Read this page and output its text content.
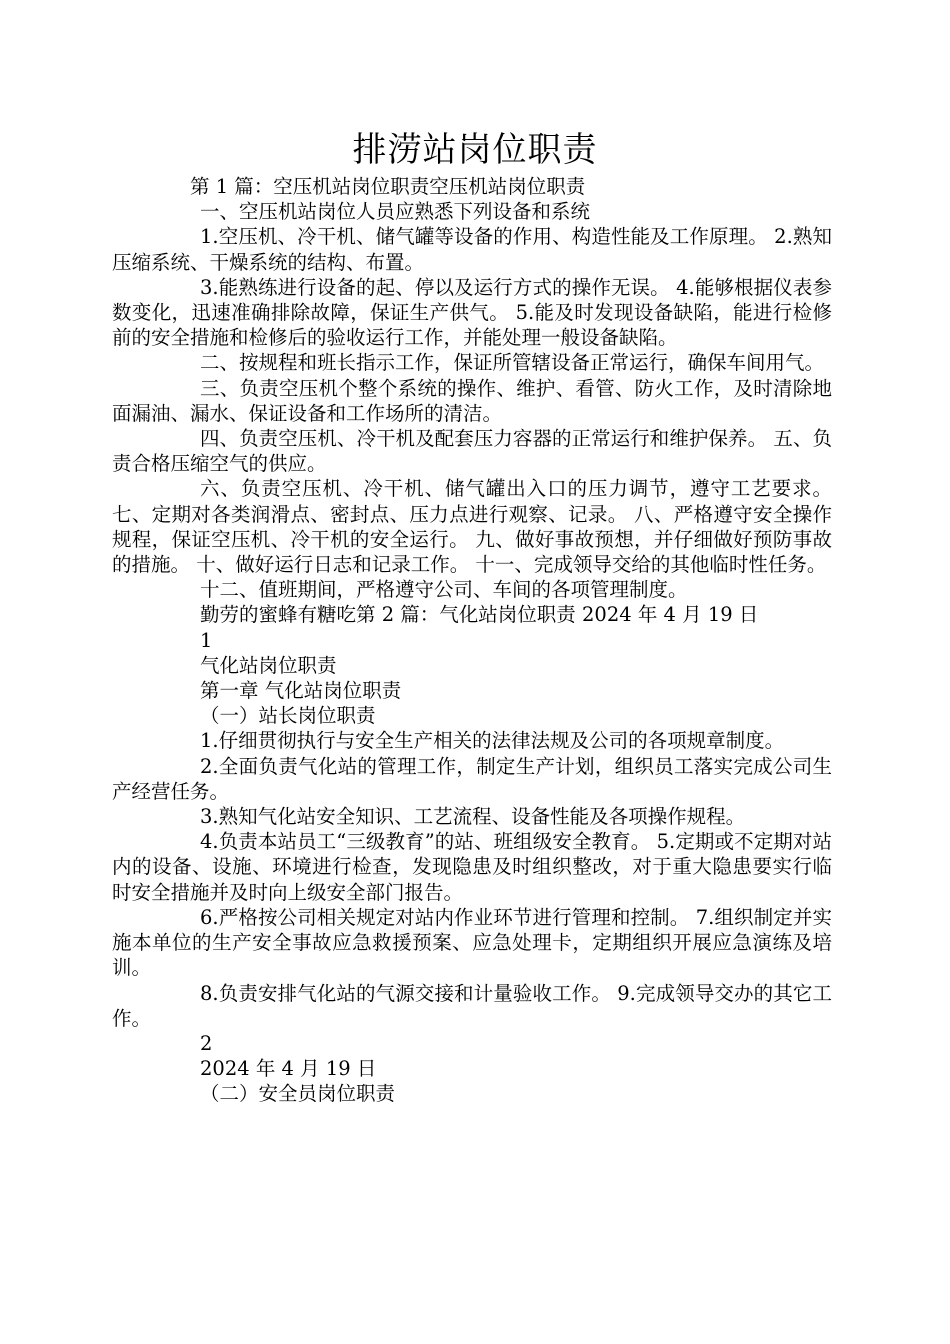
排涝站岗位职责

第 1 篇：空压机站岗位职责空压机站岗位职责

一、空压机站岗位人员应熟悉下列设备和系统

1.空压机、冷干机、储气罐等设备的作用、构造性能及工作原理。 2.熟知压缩系统、干燥系统的结构、布置。

3.能熟练进行设备的起、停以及运行方式的操作无误。 4.能够根据仪表参数变化，迅速准确排除故障，保证生产供气。 5.能及时发现设备缺陷，能进行检修前的安全措施和检修后的验收运行工作，并能处理一般设备缺陷。

二、按规程和班长指示工作，保证所管辖设备正常运行，确保车间用气。

三、负责空压机个整个系统的操作、维护、看管、防火工作，及时清除地面漏油、漏水、保证设备和工作场所的清洁。

四、负责空压机、冷干机及配套压力容器的正常运行和维护保养。 五、负责合格压缩空气的供应。

六、负责空压机、冷干机、储气罐出入口的压力调节，遵守工艺要求。 七、定期对各类润滑点、密封点、压力点进行观察、记录。 八、严格遵守安全操作规程，保证空压机、冷干机的安全运行。 九、做好事故预想，并仔细做好预防事故的措施。 十、做好运行日志和记录工作。 十一、完成领导交给的其他临时性任务。

十二、值班期间，严格遵守公司、车间的各项管理制度。

勤劳的蜜蜂有糖吃第 2 篇：气化站岗位职责 2024 年 4 月 19 日

1

气化站岗位职责

第一章 气化站岗位职责

（一）站长岗位职责

1.仔细贯彻执行与安全生产相关的法律法规及公司的各项规章制度。

2.全面负责气化站的管理工作，制定生产计划，组织员工落实完成公司生产经营任务。

3.熟知气化站安全知识、工艺流程、设备性能及各项操作规程。

4.负责本站员工“三级教育”的站、班组级安全教育。 5.定期或不定期对站内的设备、设施、环境进行检查，发现隐患及时组织整改，对于重大隐患要实行临时安全措施并及时向上级安全部门报告。

6.严格按公司相关规定对站内作业环节进行管理和控制。 7.组织制定并实施本单位的生产安全事故应急救援预案、应急处理卡，定期组织开展应急演练及培训。

8.负责安排气化站的气源交接和计量验收工作。 9.完成领导交办的其它工作。

2

2024 年 4 月 19 日

（二）安全员岗位职责
